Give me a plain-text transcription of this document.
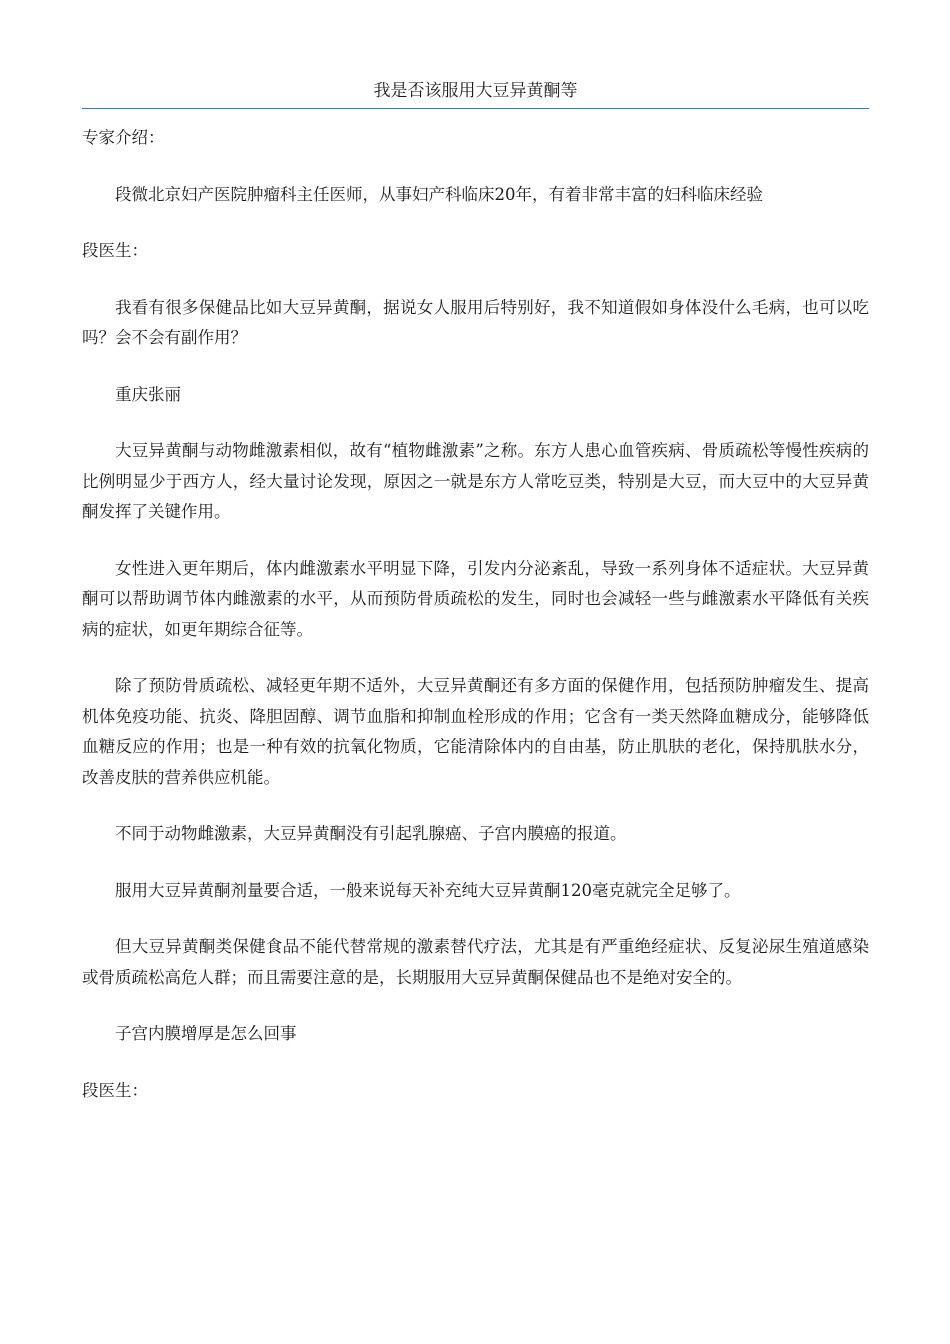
我是否该服用大豆异黄酮等

专家介绍：

段微北京妇产医院肿瘤科主任医师，从事妇产科临床20年，有着非常丰富的妇科临床经验

段医生：

我看有很多保健品比如大豆异黄酮，据说女人服用后特别好，我不知道假如身体没什么毛病，也可以吃吗？会不会有副作用？

重庆张丽

大豆异黄酮与动物雌激素相似，故有“植物雌激素”之称。东方人患心血管疾病、骨质疏松等慢性疾病的比例明显少于西方人，经大量讨论发现，原因之一就是东方人常吃豆类，特别是大豆，而大豆中的大豆异黄酮发挥了关键作用。

女性进入更年期后，体内雌激素水平明显下降，引发内分泌紊乱，导致一系列身体不适症状。大豆异黄酮可以帮助调节体内雌激素的水平，从而预防骨质疏松的发生，同时也会减轻一些与雌激素水平降低有关疾病的症状，如更年期综合征等。

除了预防骨质疏松、减轻更年期不适外，大豆异黄酮还有多方面的保健作用，包括预防肿瘤发生、提高机体免疫功能、抗炎、降胆固醇、调节血脂和抑制血栓形成的作用；它含有一类天然降血糖成分，能够降低血糖反应的作用；也是一种有效的抗氧化物质，它能清除体内的自由基，防止肌肤的老化，保持肌肤水分，改善皮肤的营养供应机能。

不同于动物雌激素，大豆异黄酮没有引起乳腺癌、子宫内膜癌的报道。

服用大豆异黄酮剂量要合适，一般来说每天补充纯大豆异黄酮120毫克就完全足够了。

但大豆异黄酮类保健食品不能代替常规的激素替代疗法，尤其是有严重绝经症状、反复泌尿生殖道感染或骨质疏松高危人群；而且需要注意的是，长期服用大豆异黄酮保健品也不是绝对安全的。

子宫内膜增厚是怎么回事

段医生：
